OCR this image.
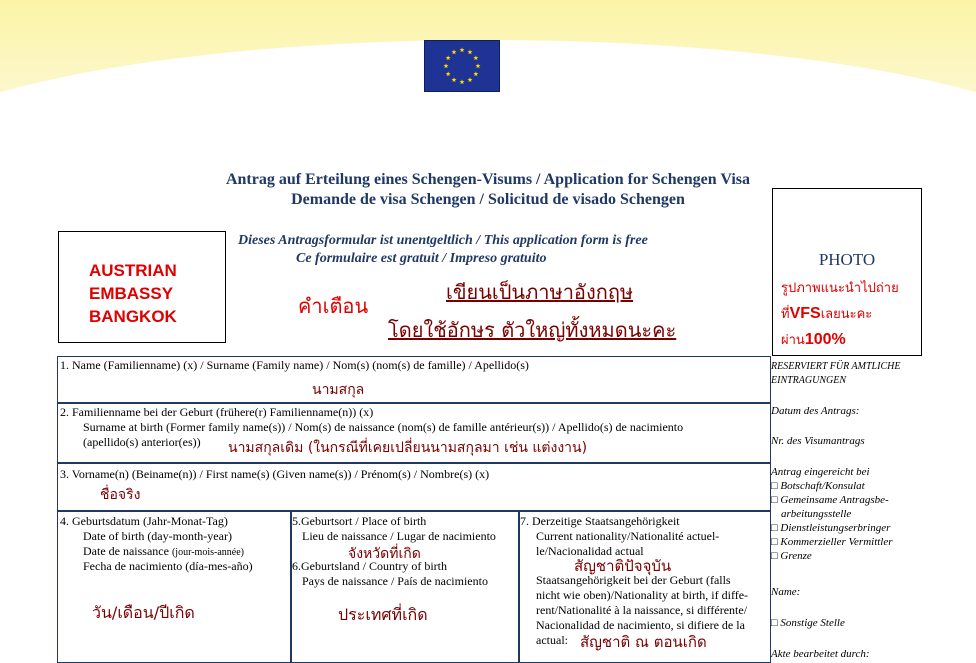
Antrag auf Erteilung eines Schengen-Visums / Application for Schengen Visa
Demande de visa Schengen / Solicitud de visado Schengen
Dieses Antragsformular ist unentgeltlich / This application form is free
Ce formulaire est gratuit / Impreso gratuito
AUSTRIAN
EMBASSY
BANGKOK	คำเตือน
เขียนเป็นภาษาอังกฤษ
โดยใช้อักษร ตัวใหญ่ทั้งหมดนะคะ
PHOTO
รูปภาพแนะนำไปถ่าย
ที่VFSเลยนะคะ
ผ่าน100%
1. Name (Familienname) (x) / Surname (Family name) / Nom(s) (nom(s) de famille) / Apellido(s)
นามสกุล
2. Familienname bei der Geburt (frühere(r) Familienname(n)) (x)
Surname at birth (Former family name(s)) / Nom(s) de naissance (nom(s) de famille antérieur(s)) / Apellido(s) de nacimiento
(apellido(s) anterior(es)) นามสกุลเดิม (ในกรณีที่เคยเปลี่ยนนามสกุลมา เช่น แต่งงาน)
3. Vorname(n) (Beiname(n)) / First name(s) (Given name(s)) / Prénom(s) / Nombre(s) (x)
ชื่อจริง
4. Geburtsdatum (Jahr-Monat-Tag)
Date of birth (day-month-year)
Date de naissance (jour-mois-année)
Fecha de nacimiento (día-mes-año)
วัน/เดือน/ปีเกิด
5.Geburtsort / Place of birth
Lieu de naissance / Lugar de nacimiento
จังหวัดที่เกิด
6.Geburtsland / Country of birth
Pays de naissance / País de nacimiento
ประเทศที่เกิด
7. Derzeitige Staatsangehörigkeit
Current nationality/Nationalité actuel-
le/Nacionalidad actual
สัญชาติปัจจุบัน
Staatsangehörigkeit bei der Geburt (falls
nicht wie oben)/Nationality at birth, if diffe-
rent/Nationalité à la naissance, si différente/
Nacionalidad de nacimiento, si difiere de la
actual: สัญชาติ ณ ตอนเกิด
RESERVIERT FÜR AMTLICHE
EINTRAGUNGEN
Datum des Antrags:
Nr. des Visumantrags
Antrag eingereicht bei
□ Botschaft/Konsulat
□ Gemeinsame Antragsbe-
arbeitungsstelle
□ Dienstleistungserbringer
□ Kommerzieller Vermittler
□ Grenze
Name:
□ Sonstige Stelle
Akte bearbeitet durch:
